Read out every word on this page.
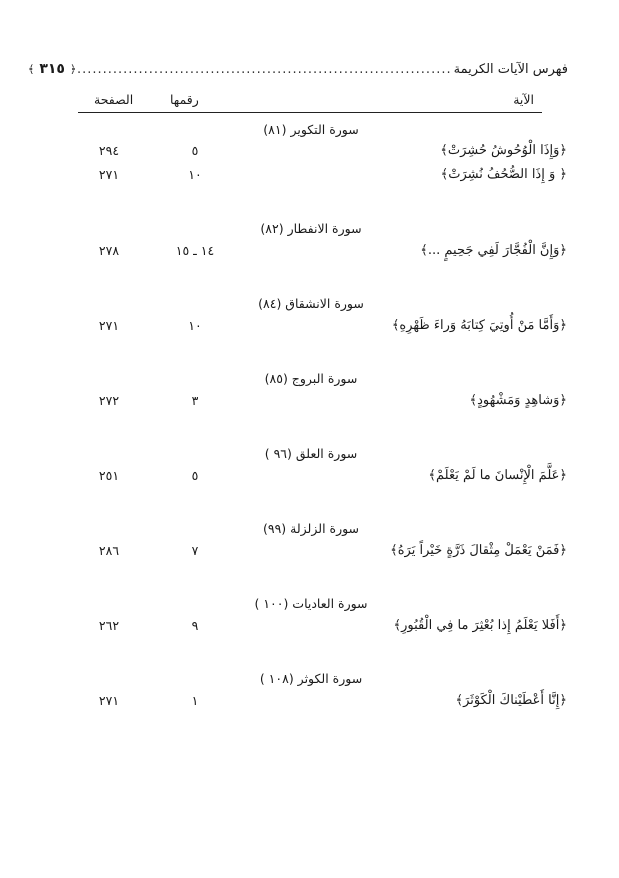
فهرس الآيات الكريمة
.....
﴿ ٣١٥ ﴾
الآية
رقمها
الصفحة
سورة التكوير (٨١)
﴿وَإِذَا الْوُحُوشُ حُشِرَتْ﴾
٥
٢٩٤
﴿ وَ إِذَا الصُّحُفُ نُشِرَتْ﴾
١٠
٢٧١
سورة الانفطار (٨٢)
﴿وَإِنَّ الْفُجَّارَ لَفِي جَحِيمٍ ...﴾
١٤ ـ ١٥
٢٧٨
سورة الانشقاق (٨٤)
﴿وَأَمَّا مَنْ أُوتِيَ كِتابَهُ وَراءَ ظَهْرِهِ﴾
١٠
٢٧١
سورة البروج (٨٥)
﴿وَشاهِدٍ وَمَشْهُودٍ﴾
٣
٢٧٢
سورة العلق (٩٦ )
﴿عَلَّمَ الْإِنْسانَ ما لَمْ يَعْلَمْ﴾
٥
٢٥١
سورة الزلزلة (٩٩)
﴿فَمَنْ يَعْمَلْ مِثْقالَ ذَرَّةٍ خَيْراً يَرَهُ﴾
٧
٢٨٦
سورة العاديات (١٠٠ )
﴿أَفَلا يَعْلَمُ إِذا بُعْثِرَ ما فِي الْقُبُورِ﴾
٩
٢٦٢
سورة الكوثر (١٠٨ )
﴿إِنَّا أَعْطَيْناكَ الْكَوْثَرَ﴾
١
٢٧١
